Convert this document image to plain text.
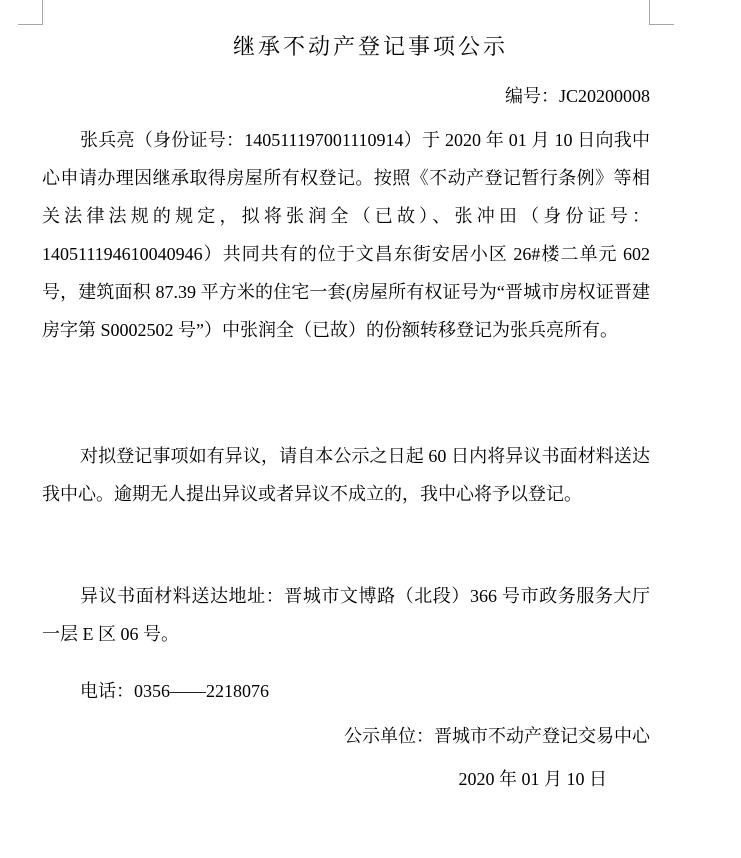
继承不动产登记事项公示
编号：JC20200008

张兵亮（身份证号：140511197001110914）于 2020 年 01 月 10 日向我中心申请办理因继承取得房屋所有权登记。按照《不动产登记暂行条例》等相关法律法规的规定，拟将张润全（已故）、张冲田（身份证号：140511194610040946）共同共有的位于文昌东街安居小区 26#楼二单元 602 号，建筑面积 87.39 平方米的住宅一套(房屋所有权证号为“晋城市房权证晋建房字第 S0002502 号”）中张润全（已故）的份额转移登记为张兵亮所有。

对拟登记事项如有异议，请自本公示之日起 60 日内将异议书面材料送达我中心。逾期无人提出异议或者异议不成立的，我中心将予以登记。

异议书面材料送达地址：晋城市文博路（北段）366 号市政务服务大厅一层 E 区 06 号。

电话：0356——2218076
公示单位：晋城市不动产登记交易中心
2020 年 01 月 10 日
